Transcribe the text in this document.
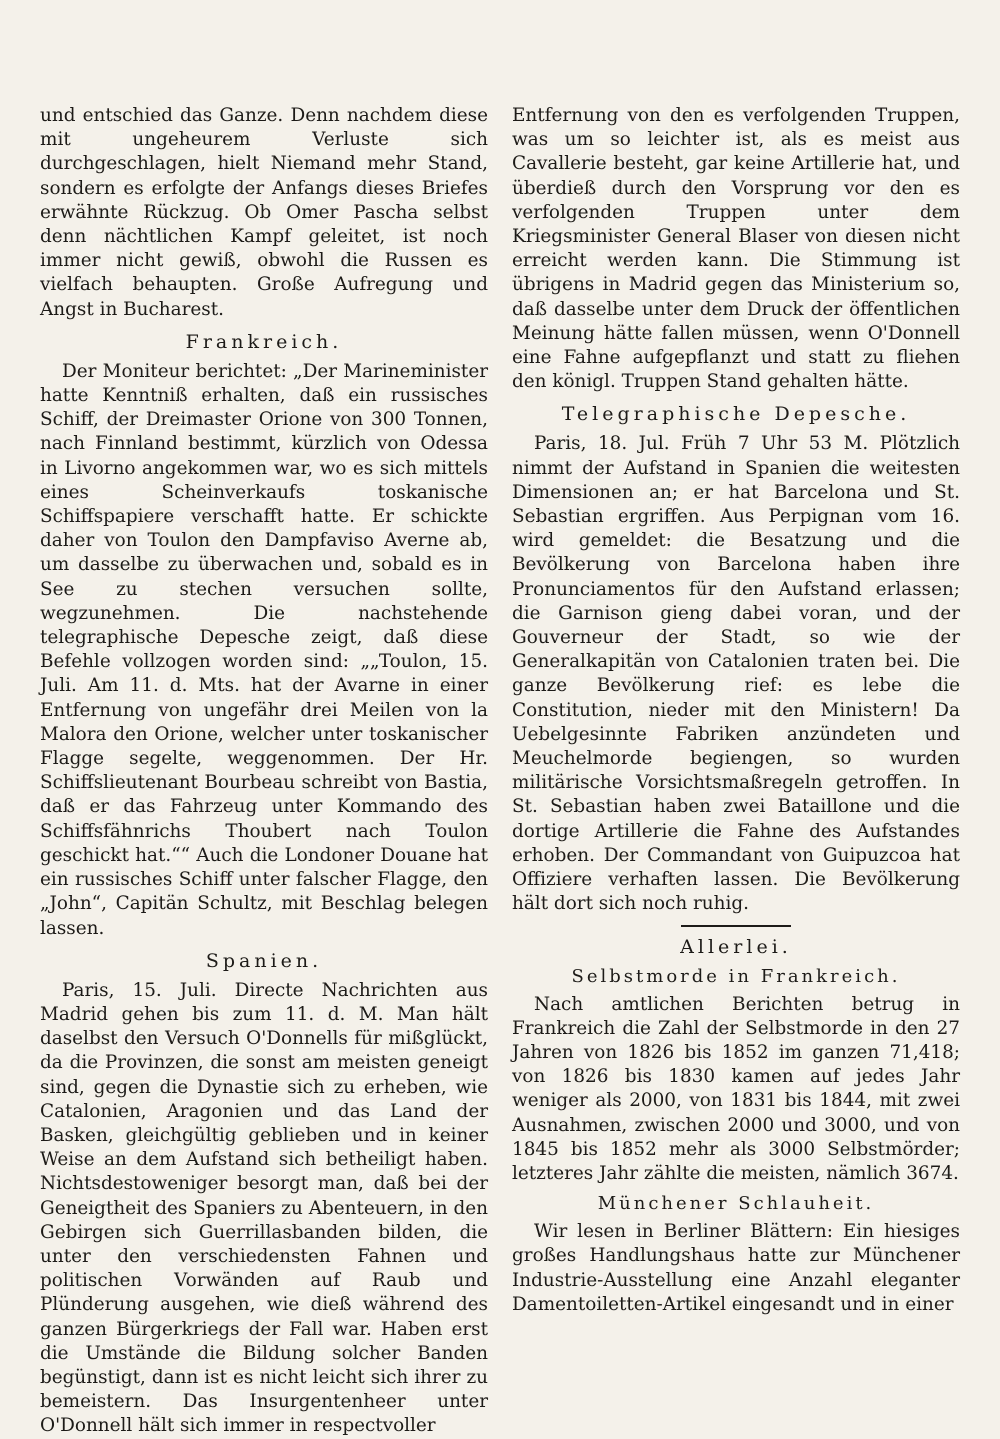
und entschied das Ganze. Denn nachdem diese mit ungeheurem Verluste sich durchgeschlagen, hielt Niemand mehr Stand, sondern es erfolgte der Anfangs dieses Briefes erwähnte Rückzug. Ob Omer Pascha selbst denn nächtlichen Kampf geleitet, ist noch immer nicht gewiß, obwohl die Russen es vielfach behaupten. Große Aufregung und Angst in Bucharest.

Frankreich.

Der Moniteur berichtet: „Der Marineminister hatte Kenntniß erhalten, daß ein russisches Schiff, der Dreimaster Orione von 300 Tonnen, nach Finnland bestimmt, kürzlich von Odessa in Livorno angekommen war, wo es sich mittels eines Scheinverkaufs toskanische Schiffspapiere verschafft hatte. Er schickte daher von Toulon den Dampfaviso Averne ab, um dasselbe zu überwachen und, sobald es in See zu stechen versuchen sollte, wegzunehmen. Die nachstehende telegraphische Depesche zeigt, daß diese Befehle vollzogen worden sind: „„Toulon, 15. Juli. Am 11. d. Mts. hat der Avarne in einer Entfernung von ungefähr drei Meilen von la Malora den Orione, welcher unter toskanischer Flagge segelte, weggenommen. Der Hr. Schiffslieutenant Bourbeau schreibt von Bastia, daß er das Fahrzeug unter Kommando des Schiffsfähnrichs Thoubert nach Toulon geschickt hat.““ Auch die Londoner Douane hat ein russisches Schiff unter falscher Flagge, den „John“, Capitän Schultz, mit Beschlag belegen lassen.

Spanien.

Paris, 15. Juli. Directe Nachrichten aus Madrid gehen bis zum 11. d. M. Man hält daselbst den Versuch O'Donnells für mißglückt, da die Provinzen, die sonst am meisten geneigt sind, gegen die Dynastie sich zu erheben, wie Catalonien, Aragonien und das Land der Basken, gleichgültig geblieben und in keiner Weise an dem Aufstand sich betheiligt haben. Nichtsdestoweniger besorgt man, daß bei der Geneigtheit des Spaniers zu Abenteuern, in den Gebirgen sich Guerrillasbanden bilden, die unter den verschiedensten Fahnen und politischen Vorwänden auf Raub und Plünderung ausgehen, wie dieß während des ganzen Bürgerkriegs der Fall war. Haben erst die Umstände die Bildung solcher Banden begünstigt, dann ist es nicht leicht sich ihrer zu bemeistern. Das Insurgentenheer unter O'Donnell hält sich immer in respectvoller

Entfernung von den es verfolgenden Truppen, was um so leichter ist, als es meist aus Cavallerie besteht, gar keine Artillerie hat, und überdieß durch den Vorsprung vor den es verfolgenden Truppen unter dem Kriegsminister General Blaser von diesen nicht erreicht werden kann. Die Stimmung ist übrigens in Madrid gegen das Ministerium so, daß dasselbe unter dem Druck der öffentlichen Meinung hätte fallen müssen, wenn O'Donnell eine Fahne aufgepflanzt und statt zu fliehen den königl. Truppen Stand gehalten hätte.

Telegraphische Depesche.

Paris, 18. Jul. Früh 7 Uhr 53 M. Plötzlich nimmt der Aufstand in Spanien die weitesten Dimensionen an; er hat Barcelona und St. Sebastian ergriffen. Aus Perpignan vom 16. wird gemeldet: die Besatzung und die Bevölkerung von Barcelona haben ihre Pronunciamentos für den Aufstand erlassen; die Garnison gieng dabei voran, und der Gouverneur der Stadt, so wie der Generalkapitän von Catalonien traten bei. Die ganze Bevölkerung rief: es lebe die Constitution, nieder mit den Ministern! Da Uebelgesinnte Fabriken anzündeten und Meuchelmorde begiengen, so wurden militärische Vorsichtsmaßregeln getroffen. In St. Sebastian haben zwei Bataillone und die dortige Artillerie die Fahne des Aufstandes erhoben. Der Commandant von Guipuzcoa hat Offiziere verhaften lassen. Die Bevölkerung hält dort sich noch ruhig.

Allerlei.
Selbstmorde in Frankreich.

Nach amtlichen Berichten betrug in Frankreich die Zahl der Selbstmorde in den 27 Jahren von 1826 bis 1852 im ganzen 71,418; von 1826 bis 1830 kamen auf jedes Jahr weniger als 2000, von 1831 bis 1844, mit zwei Ausnahmen, zwischen 2000 und 3000, und von 1845 bis 1852 mehr als 3000 Selbstmörder; letzteres Jahr zählte die meisten, nämlich 3674.

Münchener Schlauheit.

Wir lesen in Berliner Blättern: Ein hiesiges großes Handlungshaus hatte zur Münchener Industrie-Ausstellung eine Anzahl eleganter Damentoiletten-Artikel eingesandt und in einer
